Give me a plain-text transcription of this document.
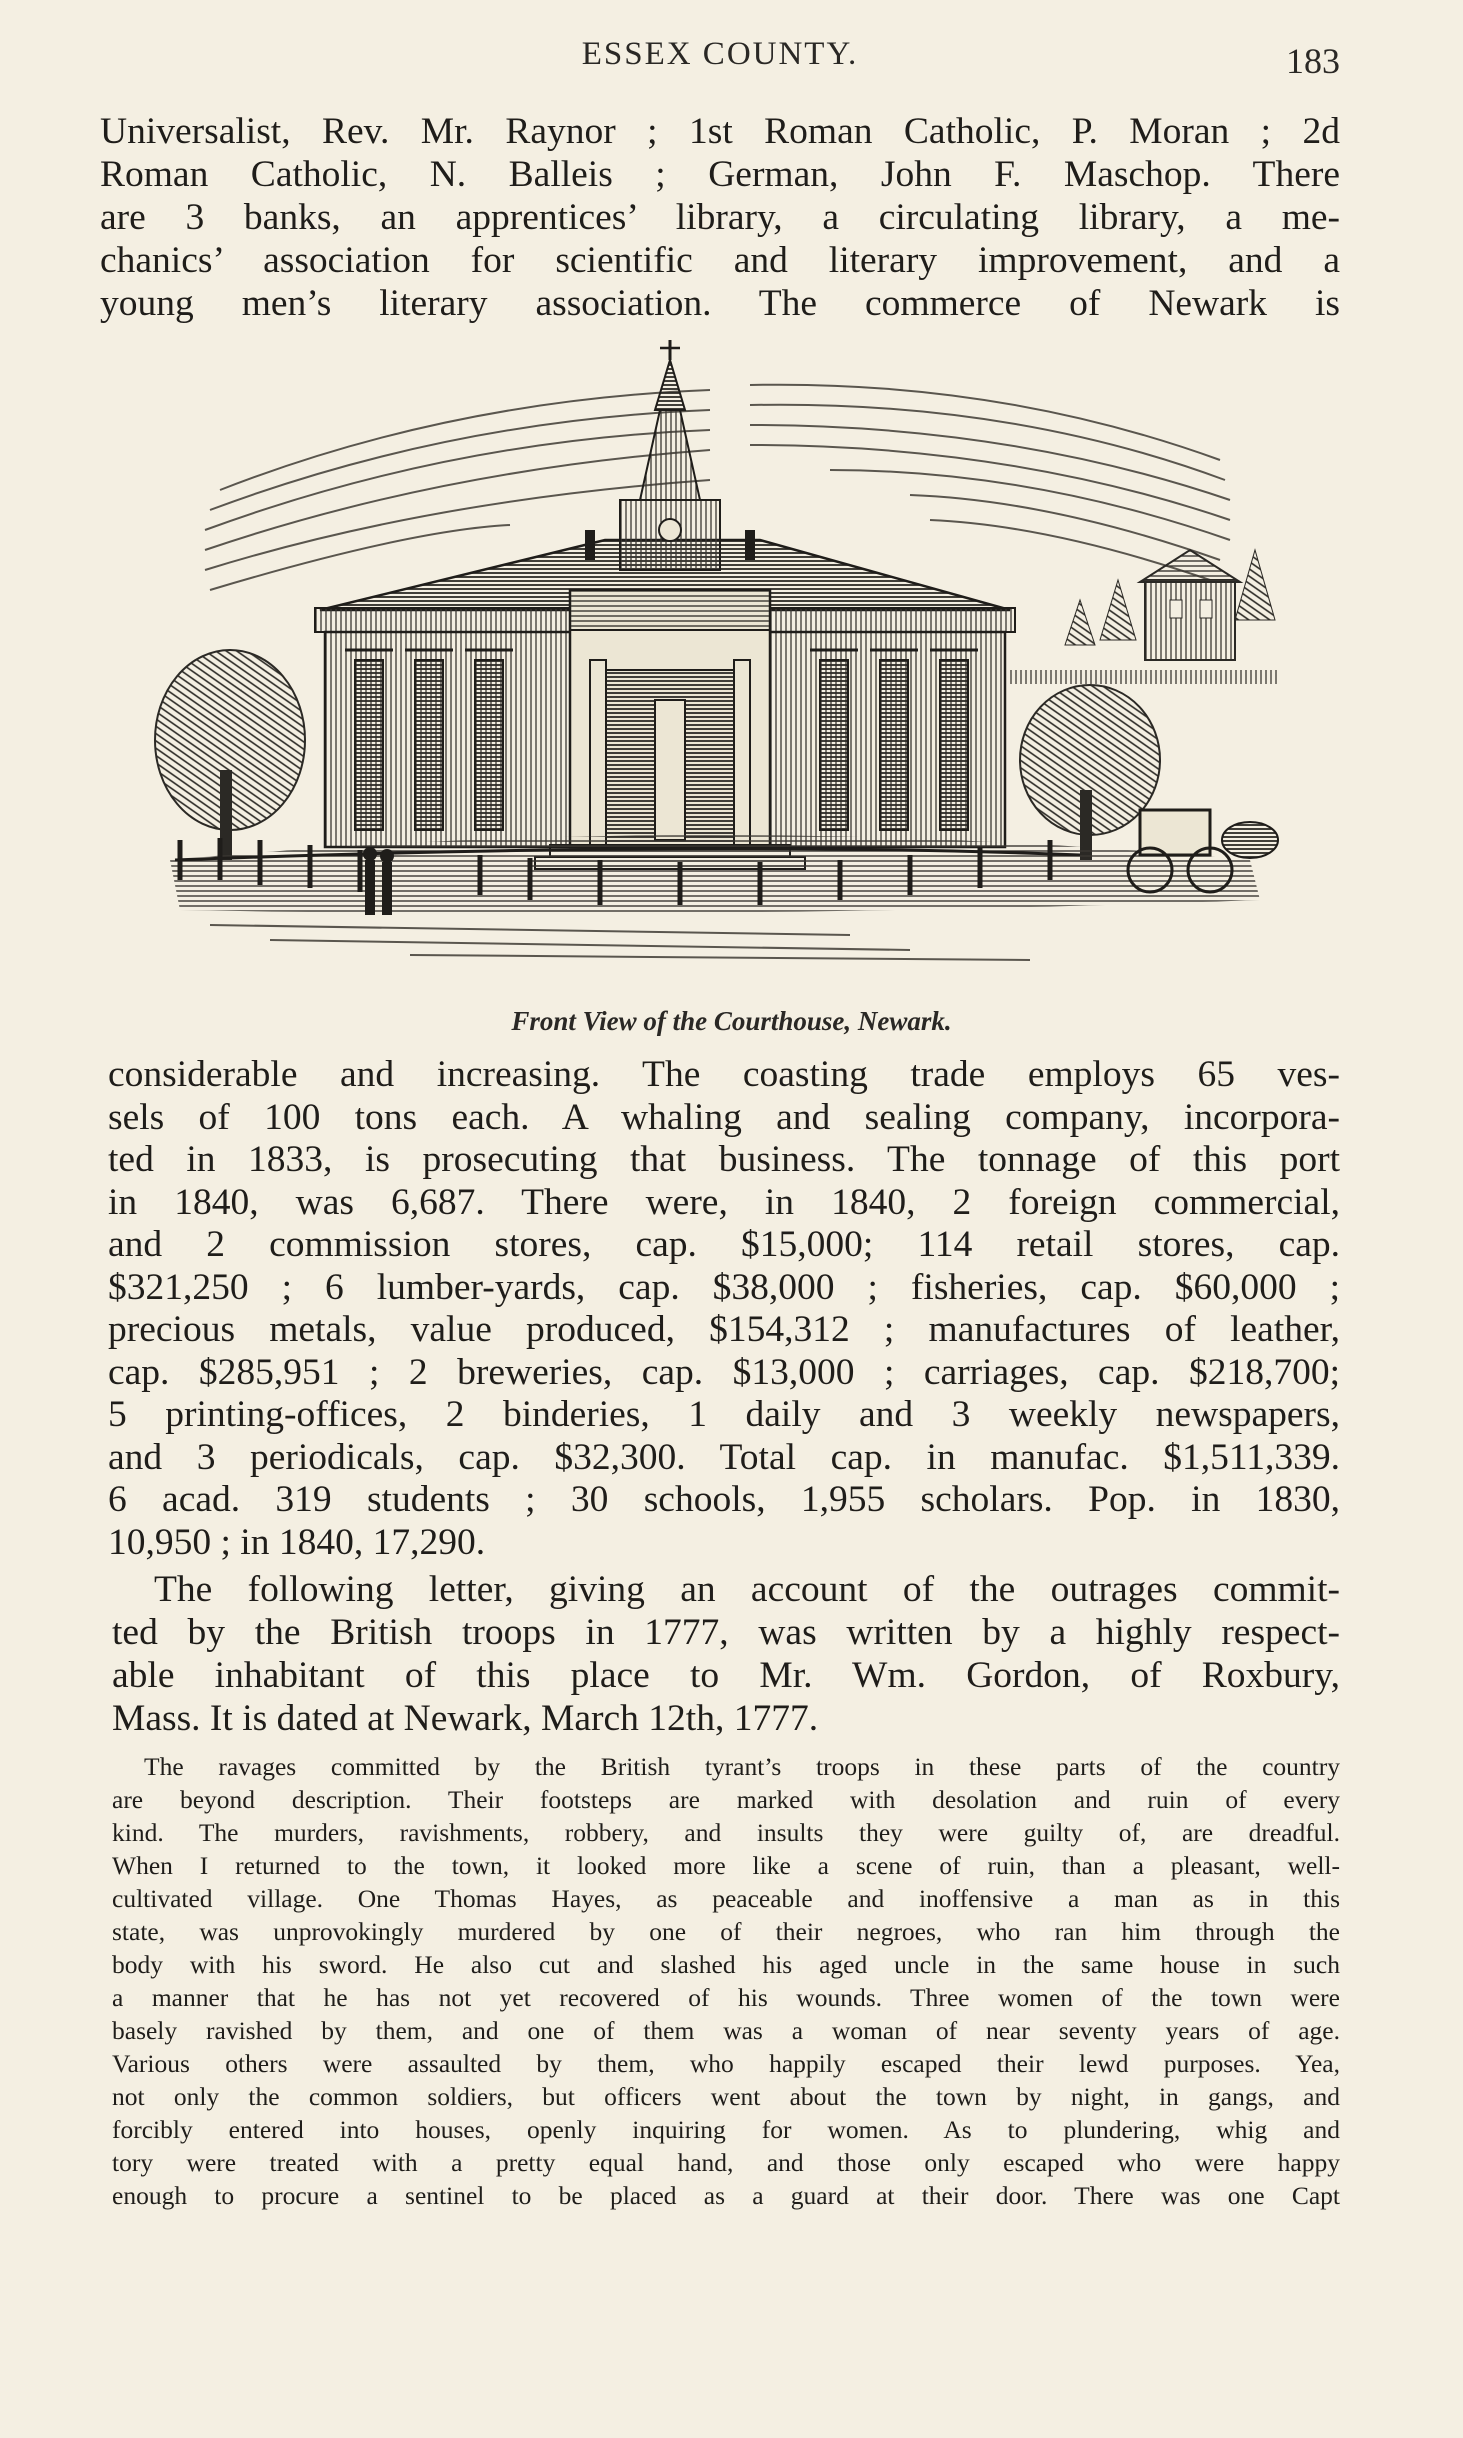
ESSEX COUNTY.	183

Universalist, Rev. Mr. Raynor ; 1st Roman Catholic, P. Moran ; 2d
Roman Catholic, N. Balleis ; German, John F. Maschop. There
are 3 banks, an apprentices’ library, a circulating library, a me-
chanics’ association for scientific and literary improvement, and a
young men’s literary association. The commerce of Newark is

Front View of the Courthouse, Newark.

considerable and increasing. The coasting trade employs 65 ves-
sels of 100 tons each. A whaling and sealing company, incorpora-
ted in 1833, is prosecuting that business. The tonnage of this port
in 1840, was 6,687. There were, in 1840, 2 foreign commercial,
and 2 commission stores, cap. $15,000; 114 retail stores, cap.
$321,250 ; 6 lumber-yards, cap. $38,000 ; fisheries, cap. $60,000 ;
precious metals, value produced, $154,312 ; manufactures of leather,
cap. $285,951 ; 2 breweries, cap. $13,000 ; carriages, cap. $218,700;
5 printing-offices, 2 binderies, 1 daily and 3 weekly newspapers,
and 3 periodicals, cap. $32,300. Total cap. in manufac. $1,511,339.
6 acad. 319 students ; 30 schools, 1,955 scholars. Pop. in 1830,
10,950 ; in 1840, 17,290.

The following letter, giving an account of the outrages commit-
ted by the British troops in 1777, was written by a highly respect-
able inhabitant of this place to Mr. Wm. Gordon, of Roxbury,
Mass. It is dated at Newark, March 12th, 1777.

The ravages committed by the British tyrant’s troops in these parts of the country
are beyond description. Their footsteps are marked with desolation and ruin of every
kind. The murders, ravishments, robbery, and insults they were guilty of, are dreadful.
When I returned to the town, it looked more like a scene of ruin, than a pleasant, well-
cultivated village. One Thomas Hayes, as peaceable and inoffensive a man as in this
state, was unprovokingly murdered by one of their negroes, who ran him through the
body with his sword. He also cut and slashed his aged uncle in the same house in such
a manner that he has not yet recovered of his wounds. Three women of the town were
basely ravished by them, and one of them was a woman of near seventy years of age.
Various others were assaulted by them, who happily escaped their lewd purposes. Yea,
not only the common soldiers, but officers went about the town by night, in gangs, and
forcibly entered into houses, openly inquiring for women. As to plundering, whig and
tory were treated with a pretty equal hand, and those only escaped who were happy
enough to procure a sentinel to be placed as a guard at their door. There was one Capt
